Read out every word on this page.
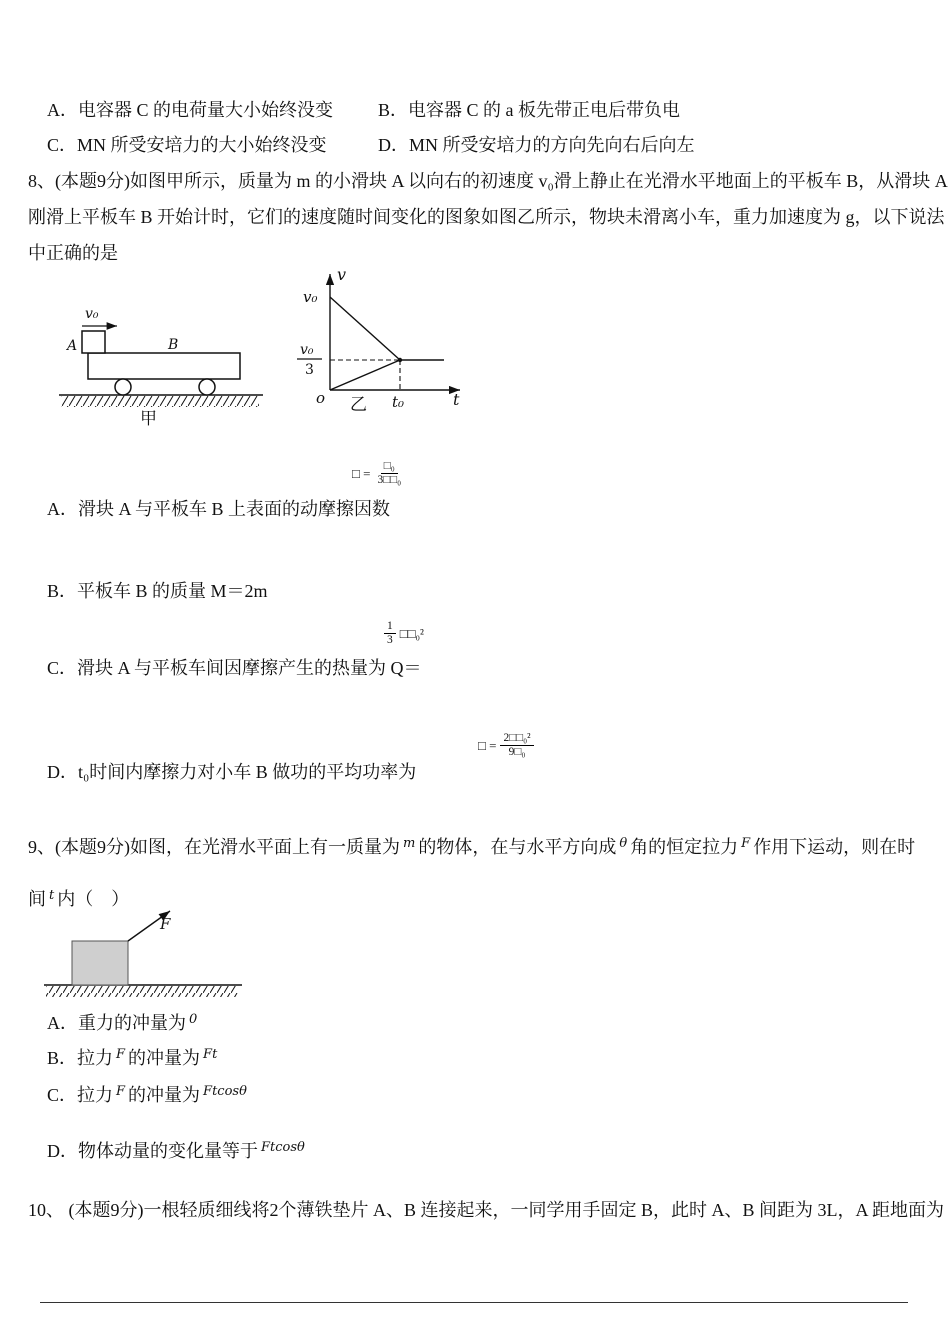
A．电容器 C 的电荷量大小始终没变 B．电容器 C 的 a 板先带正电后带负电
C．MN 所受安培力的大小始终没变	D．MN 所受安培力的方向先向右后向左
8、(本题9分)如图甲所示，质量为 m 的小滑块 A 以向右的初速度 v₀滑上静止在光滑水平地面上的平板车 B，从滑块 A
刚滑上平板车 B 开始计时，它们的速度随时间变化的图象如图乙所示，物块未滑离小车，重力加速度为 g，以下说法
中正确的是
v₀
A	B
甲
v
t
o	t₀
v₀
v₀
3
乙
□ = $\frac{\text{□₀}}{\text{3□□₀}}$
A．滑块 A 与平板车 B 上表面的动摩擦因数
B．平板车 B 的质量 M＝2m
$\frac{1}{3}$ □□₀²
C．滑块 A 与平板车间因摩擦产生的热量为 Q＝
□ = $\frac{\text{2□□₀²}}{\text{9□₀}}$
D．t₀时间内摩擦力对小车 B 做功的平均功率为
9、(本题9分)如图，在光滑水平面上有一质量为 $^m$ 的物体，在与水平方向成 $^\theta$ 角的恒定拉力 $^F$ 作用下运动，则在时
间 $^t$ 内（　）
F
A．重力的冲量为 $^0$
B．拉力 $^F$ 的冲量为 $^{Ft}$
C．拉力 $^F$ 的冲量为 $^{Ftcos\theta}$
D．物体动量的变化量等于 $^{Ftcos\theta}$
10、 (本题9分)一根轻质细线将2个薄铁垫片 A、B 连接起来，一同学用手固定 B，此时 A、B 间距为 3L，A 距地面为
